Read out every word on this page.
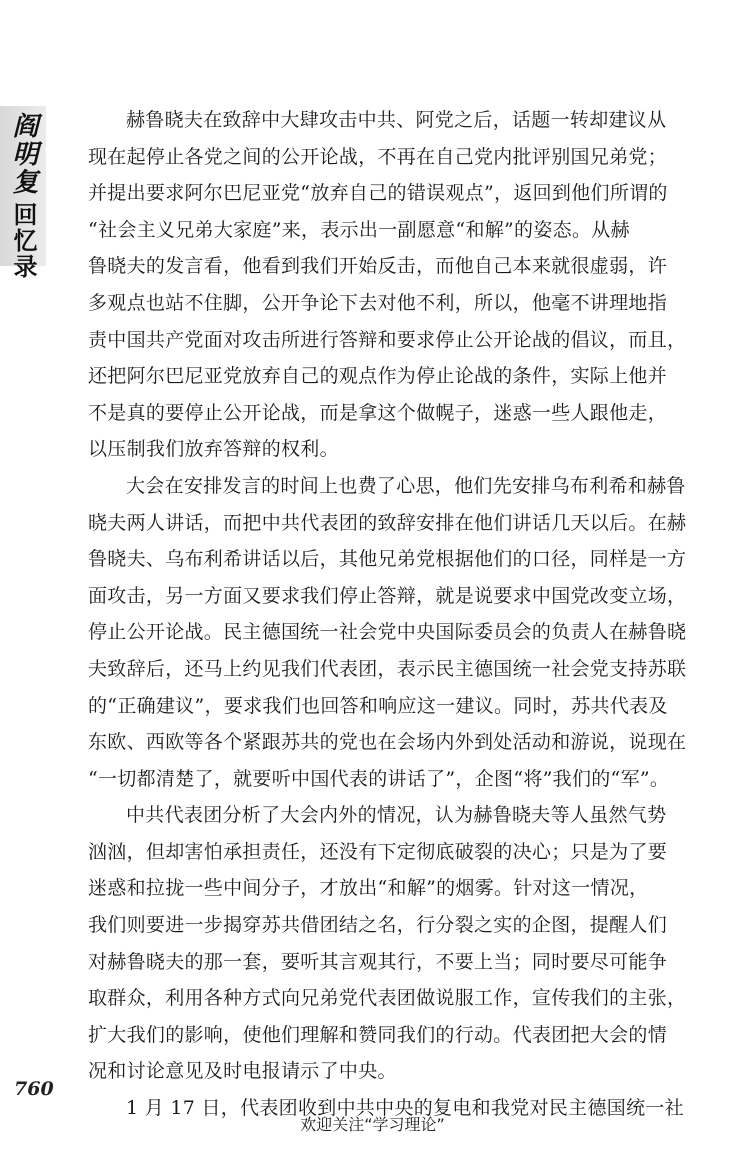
阎明复
回忆录

赫鲁晓夫在致辞中大肆攻击中共、阿党之后，话题一转却建议从
现在起停止各党之间的公开论战，不再在自己党内批评别国兄弟党；
并提出要求阿尔巴尼亚党“放弃自己的错误观点”，返回到他们所谓的
“社会主义兄弟大家庭”来，表示出一副愿意“和解”的姿态。从赫
鲁晓夫的发言看，他看到我们开始反击，而他自己本来就很虚弱，许
多观点也站不住脚，公开争论下去对他不利，所以，他毫不讲理地指
责中国共产党面对攻击所进行答辩和要求停止公开论战的倡议，而且，
还把阿尔巴尼亚党放弃自己的观点作为停止论战的条件，实际上他并
不是真的要停止公开论战，而是拿这个做幌子，迷惑一些人跟他走，
以压制我们放弃答辩的权利。

大会在安排发言的时间上也费了心思，他们先安排乌布利希和赫鲁
晓夫两人讲话，而把中共代表团的致辞安排在他们讲话几天以后。在赫
鲁晓夫、乌布利希讲话以后，其他兄弟党根据他们的口径，同样是一方
面攻击，另一方面又要求我们停止答辩，就是说要求中国党改变立场，
停止公开论战。民主德国统一社会党中央国际委员会的负责人在赫鲁晓
夫致辞后，还马上约见我们代表团，表示民主德国统一社会党支持苏联
的“正确建议”，要求我们也回答和响应这一建议。同时，苏共代表及
东欧、西欧等各个紧跟苏共的党也在会场内外到处活动和游说，说现在
“一切都清楚了，就要听中国代表的讲话了”，企图“将”我们的“军”。

中共代表团分析了大会内外的情况，认为赫鲁晓夫等人虽然气势
汹汹，但却害怕承担责任，还没有下定彻底破裂的决心；只是为了要
迷惑和拉拢一些中间分子，才放出“和解”的烟雾。针对这一情况，
我们则要进一步揭穿苏共借团结之名，行分裂之实的企图，提醒人们
对赫鲁晓夫的那一套，要听其言观其行，不要上当；同时要尽可能争
取群众，利用各种方式向兄弟党代表团做说服工作，宣传我们的主张，
扩大我们的影响，使他们理解和赞同我们的行动。代表团把大会的情
况和讨论意见及时电报请示了中央。

1 月 17 日，代表团收到中共中央的复电和我党对民主德国统一社

760
欢迎关注“学习理论”
